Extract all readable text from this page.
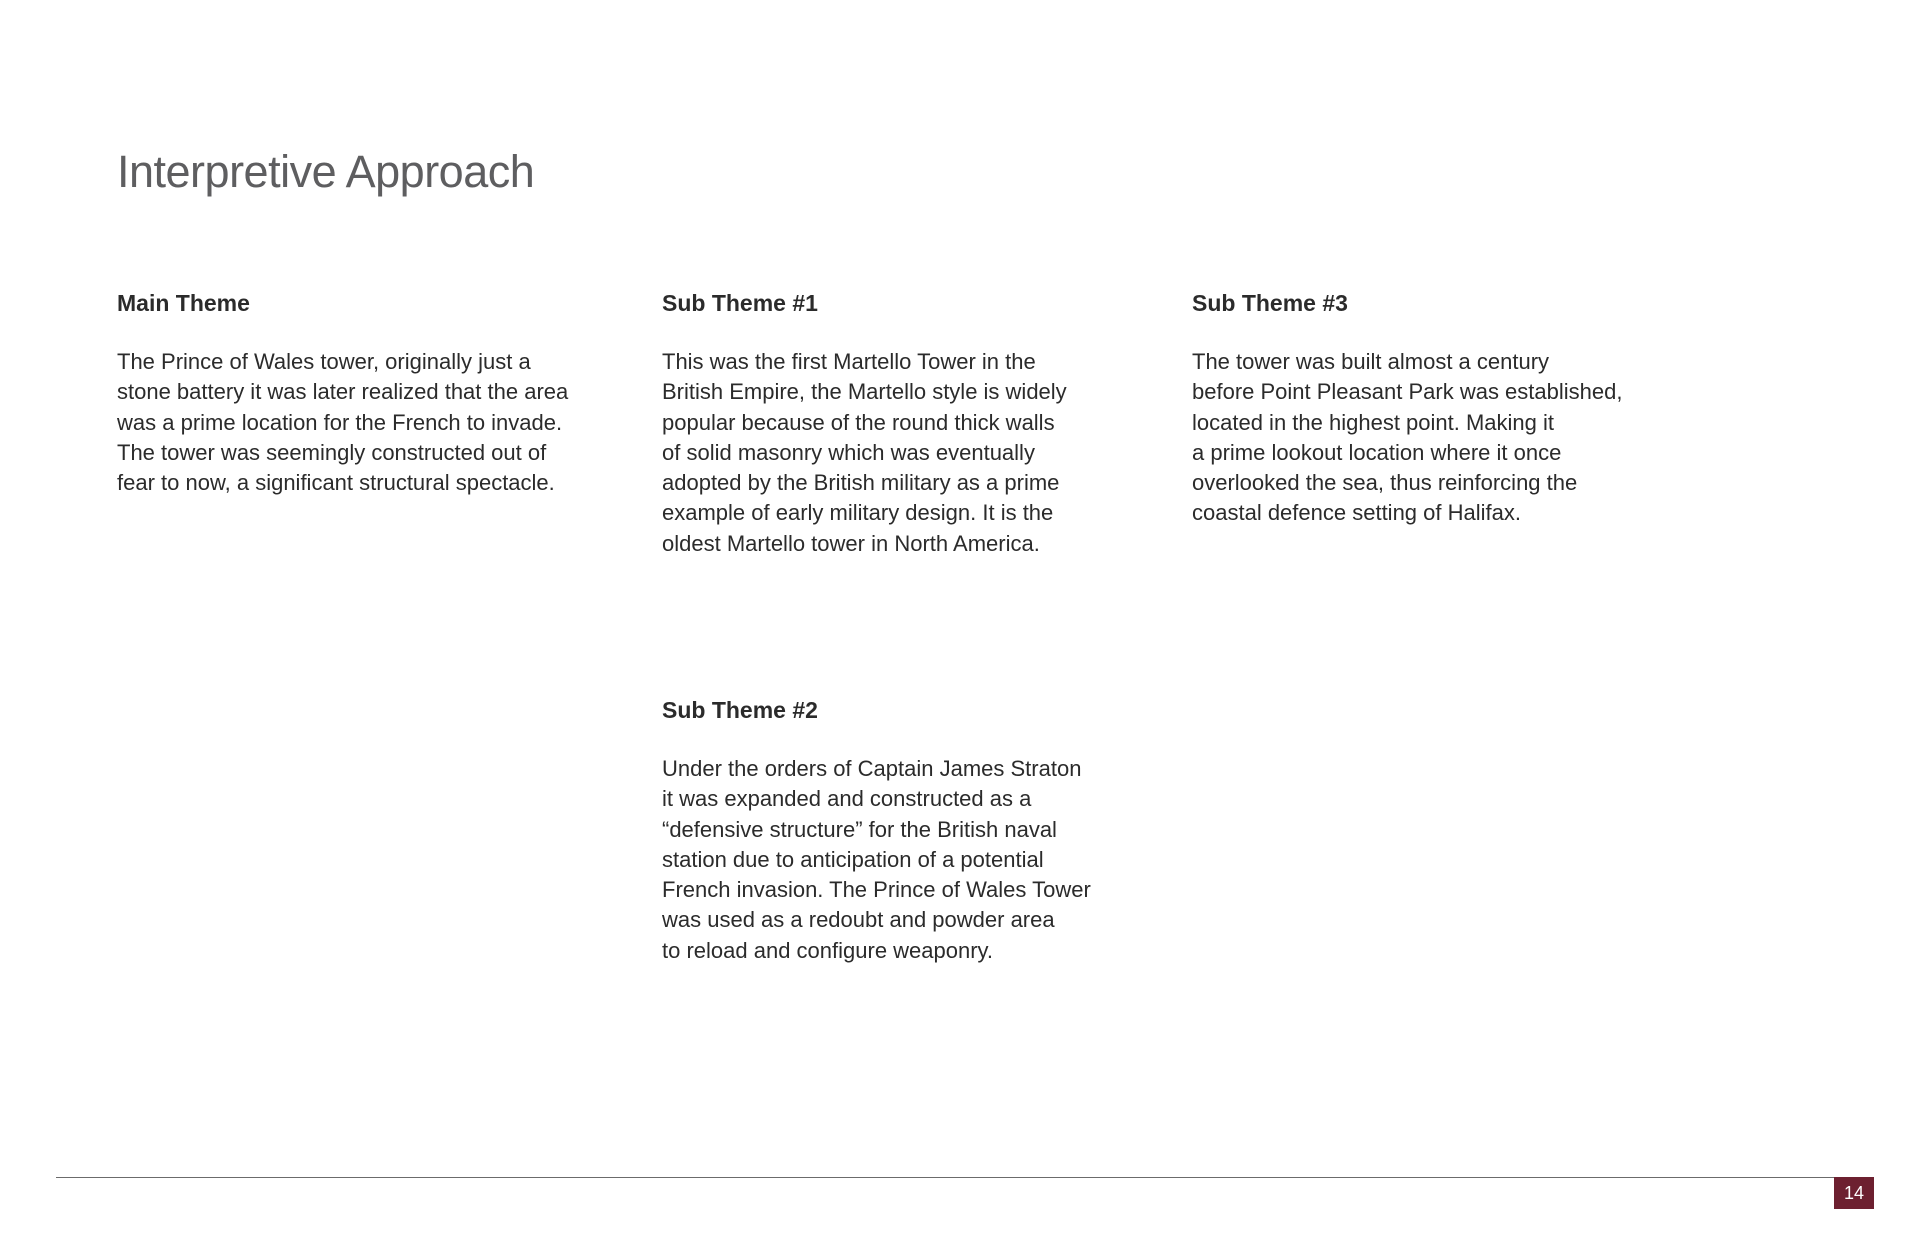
Interpretive Approach
Main Theme
The Prince of Wales tower, originally just a
stone battery it was later realized that the area
was a prime location for the French to invade.
The tower was seemingly constructed out of
fear to now, a significant structural spectacle.
Sub Theme #1
This was the first Martello Tower in the
British Empire, the Martello style is widely
popular because of the round thick walls
of solid masonry which was eventually
adopted by the British military as a prime
example of early military design. It is the
oldest Martello tower in North America.
Sub Theme #3
The tower was built almost a century
before Point Pleasant Park was established,
located in the highest point. Making it
a prime lookout location where it once
overlooked the sea, thus reinforcing the
coastal defence setting of Halifax.
Sub Theme #2
Under the orders of Captain James Straton
it was expanded and constructed as a
“defensive structure” for the British naval
station due to anticipation of a potential
French invasion. The Prince of Wales Tower
was used as a redoubt and powder area
to reload and configure weaponry.
14
